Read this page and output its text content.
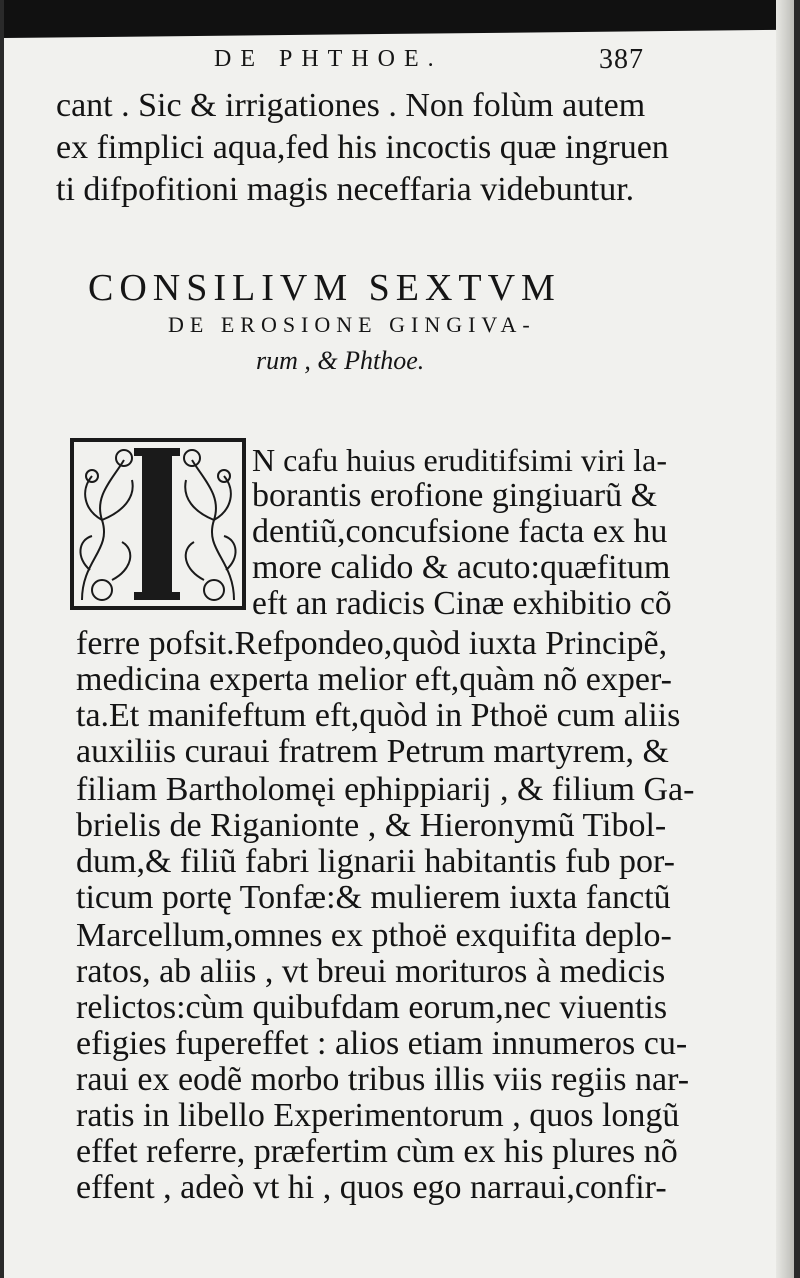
DE PHTHOE.	387
cant . Sic & irrigationes . Non folùm autem
ex fimplici aqua,fed his incoctis quæ ingruen
ti difpofitioni magis neceffaria videbuntur.
CONSILIVM SEXTVM
DE EROSIONE GINGIVA-
rum , & Phthoe.
N cafu huius eruditifsimi viri la-
borantis erofione gingiuarũ &
dentiũ,concufsione facta ex hu
more calido & acuto:quæfitum
eft an radicis Cinæ exhibitio cõ
ferre pofsit.Refpondeo,quòd iuxta Principẽ,
medicina experta melior eft,quàm nõ exper-
ta.Et manifeftum eft,quòd in Pthoë cum aliis
auxiliis curaui fratrem Petrum martyrem, &
filiam Bartholomęi ephippiarij , & filium Ga-
brielis de Riganionte , & Hieronymũ Tibol-
dum,& filiũ fabri lignarii habitantis fub por-
ticum portę Tonfæ:& mulierem iuxta fanctũ
Marcellum,omnes ex pthoë exquifita deplo-
ratos, ab aliis , vt breui morituros à medicis
relictos:cùm quibufdam eorum,nec viuentis
efigies fupereffet : alios etiam innumeros cu-
raui ex eodẽ morbo tribus illis viis regiis nar-
ratis in libello Experimentorum , quos longũ
effet referre, præfertim cùm ex his plures nõ
effent , adeò vt hi , quos ego narraui,confir-
